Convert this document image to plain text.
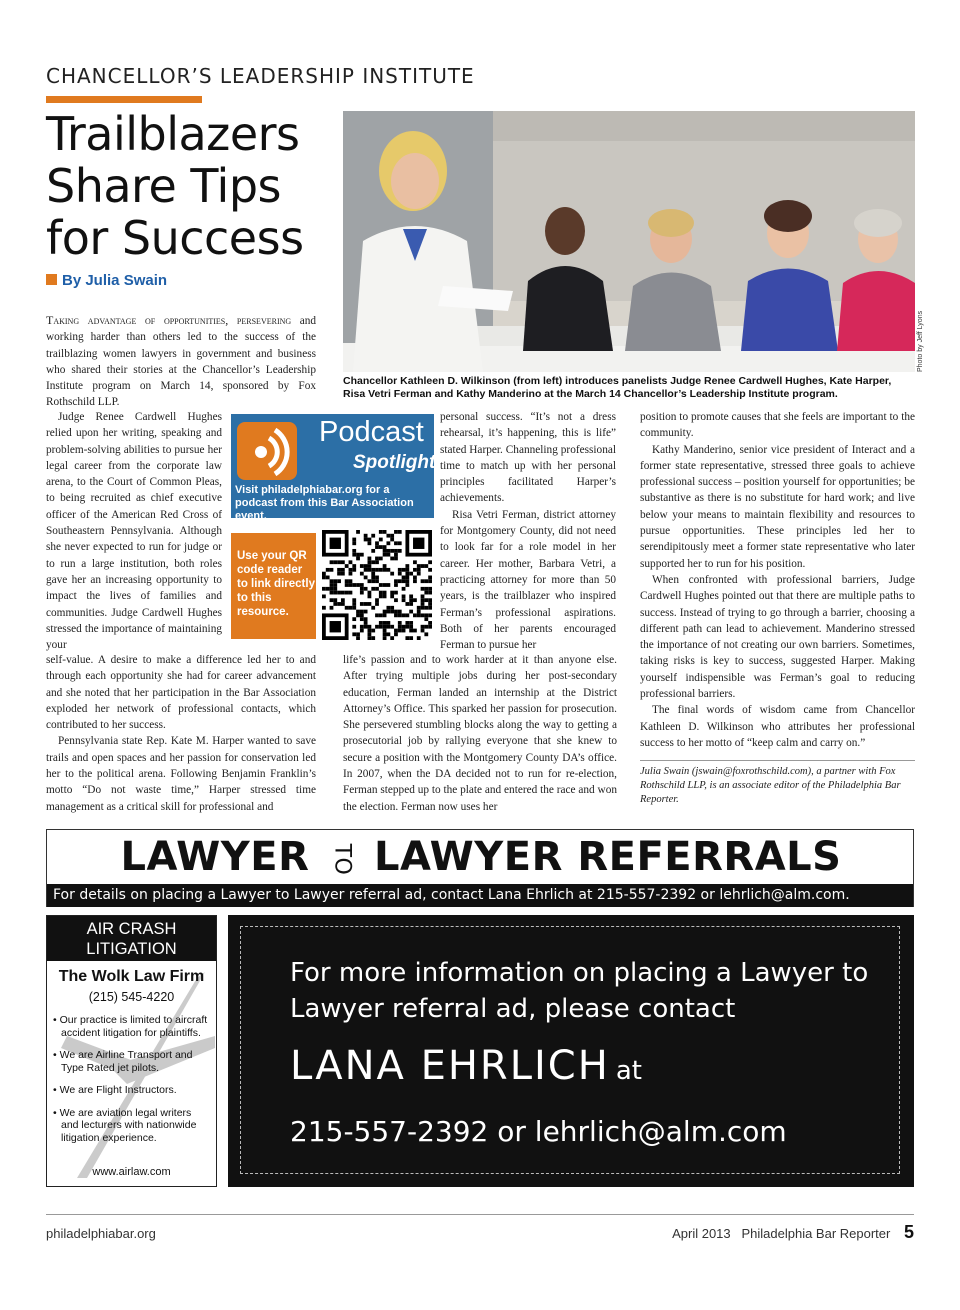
CHANCELLOR’S LEADERSHIP INSTITUTE
Trailblazers
Share Tips
for Success
By Julia Swain
Photo by Jeff Lyons
Chancellor Kathleen D. Wilkinson (from left) introduces panelists Judge Renee Cardwell Hughes, Kate Harper, Risa Vetri Ferman and Kathy Manderino at the March 14 Chancellor’s Leadership Institute program.

Taking advantage of opportunities, persevering and working harder than others led to the success of the trailblazing women lawyers in government and business who shared their stories at the Chancellor’s Leadership Institute program on March 14, sponsored by Fox Rothschild LLP.

Judge Renee Cardwell Hughes relied upon her writing, speaking and problem-solving abilities to pursue her legal career from the corporate law arena, to the Court of Common Pleas, to being recruited as chief executive officer of the American Red Cross of Southeastern Pennsylvania. Although she never expected to run for judge or to run a large institution, both roles gave her an increasing opportunity to impact the lives of families and communities. Judge Cardwell Hughes stressed the importance of maintaining your

self-value. A desire to make a difference led her to and through each opportunity she had for career advancement and she noted that her participation in the Bar Association exploded her network of professional contacts, which contributed to her success.

Pennsylvania state Rep. Kate M. Harper wanted to save trails and open spaces and her passion for conservation led her to the political arena. Following Benjamin Franklin’s motto “Do not waste time,” Harper stressed time management as a critical skill for professional and

Podcast
Spotlight
Visit philadelphiabar.org for a podcast from this Bar Association event.
Use your QR code reader to link directly to this resource.

personal success. “It’s not a dress rehearsal, it’s happening, this is life” stated Harper. Channeling professional time to match up with her personal principles facilitated Harper’s achievements.

Risa Vetri Ferman, district attorney for Montgomery County, did not need to look far for a role model in her career. Her mother, Barbara Vetri, a practicing attorney for more than 50 years, is the trailblazer who inspired Ferman’s professional aspirations. Both of her parents encouraged Ferman to pursue her

life’s passion and to work harder at it than anyone else. After trying multiple jobs during her post-secondary education, Ferman landed an internship at the District Attorney’s Office. This sparked her passion for prosecution. She persevered stumbling blocks along the way to getting a prosecutorial job by rallying everyone that she knew to secure a position with the Montgomery County DA’s office. In 2007, when the DA decided not to run for re-election, Ferman stepped up to the plate and entered the race and won the election. Ferman now uses her

position to promote causes that she feels are important to the community.

Kathy Manderino, senior vice president of Interact and a former state representative, stressed three goals to achieve professional success – position yourself for opportunities; be substantive as there is no substitute for hard work; and live below your means to maintain flexibility and resources to pursue opportunities. These principles led her to serendipitously meet a former state representative who later supported her to run for his position.

When confronted with professional barriers, Judge Cardwell Hughes pointed out that there are multiple paths to success. Instead of trying to go through a barrier, choosing a different path can lead to achievement. Manderino stressed the importance of not creating our own barriers. Sometimes, taking risks is key to success, suggested Harper. Making yourself indispensible was Ferman’s goal to reducing professional barriers.

The final words of wisdom came from Chancellor Kathleen D. Wilkinson who attributes her professional success to her motto of “keep calm and carry on.”

Julia Swain (jswain@foxrothschild.com), a partner with Fox Rothschild LLP, is an associate editor of the Philadelphia Bar Reporter.
LAWYER TO LAWYER REFERRALS
For details on placing a Lawyer to Lawyer referral ad, contact Lana Ehrlich at 215-557-2392 or lehrlich@alm.com.
AIR CRASH LITIGATION
The Wolk Law Firm
(215) 545-4220
• Our practice is limited to aircraft accident litigation for plaintiffs.
• We are Airline Transport and Type Rated jet pilots.
• We are Flight Instructors.
• We are aviation legal writers and lecturers with nationwide litigation experience.
www.airlaw.com
For more information on placing a Lawyer to Lawyer referral ad, please contact
LANA EHRLICH at
215-557-2392 or lehrlich@alm.com
philadelphiabar.org	April 2013 Philadelphia Bar Reporter 5
